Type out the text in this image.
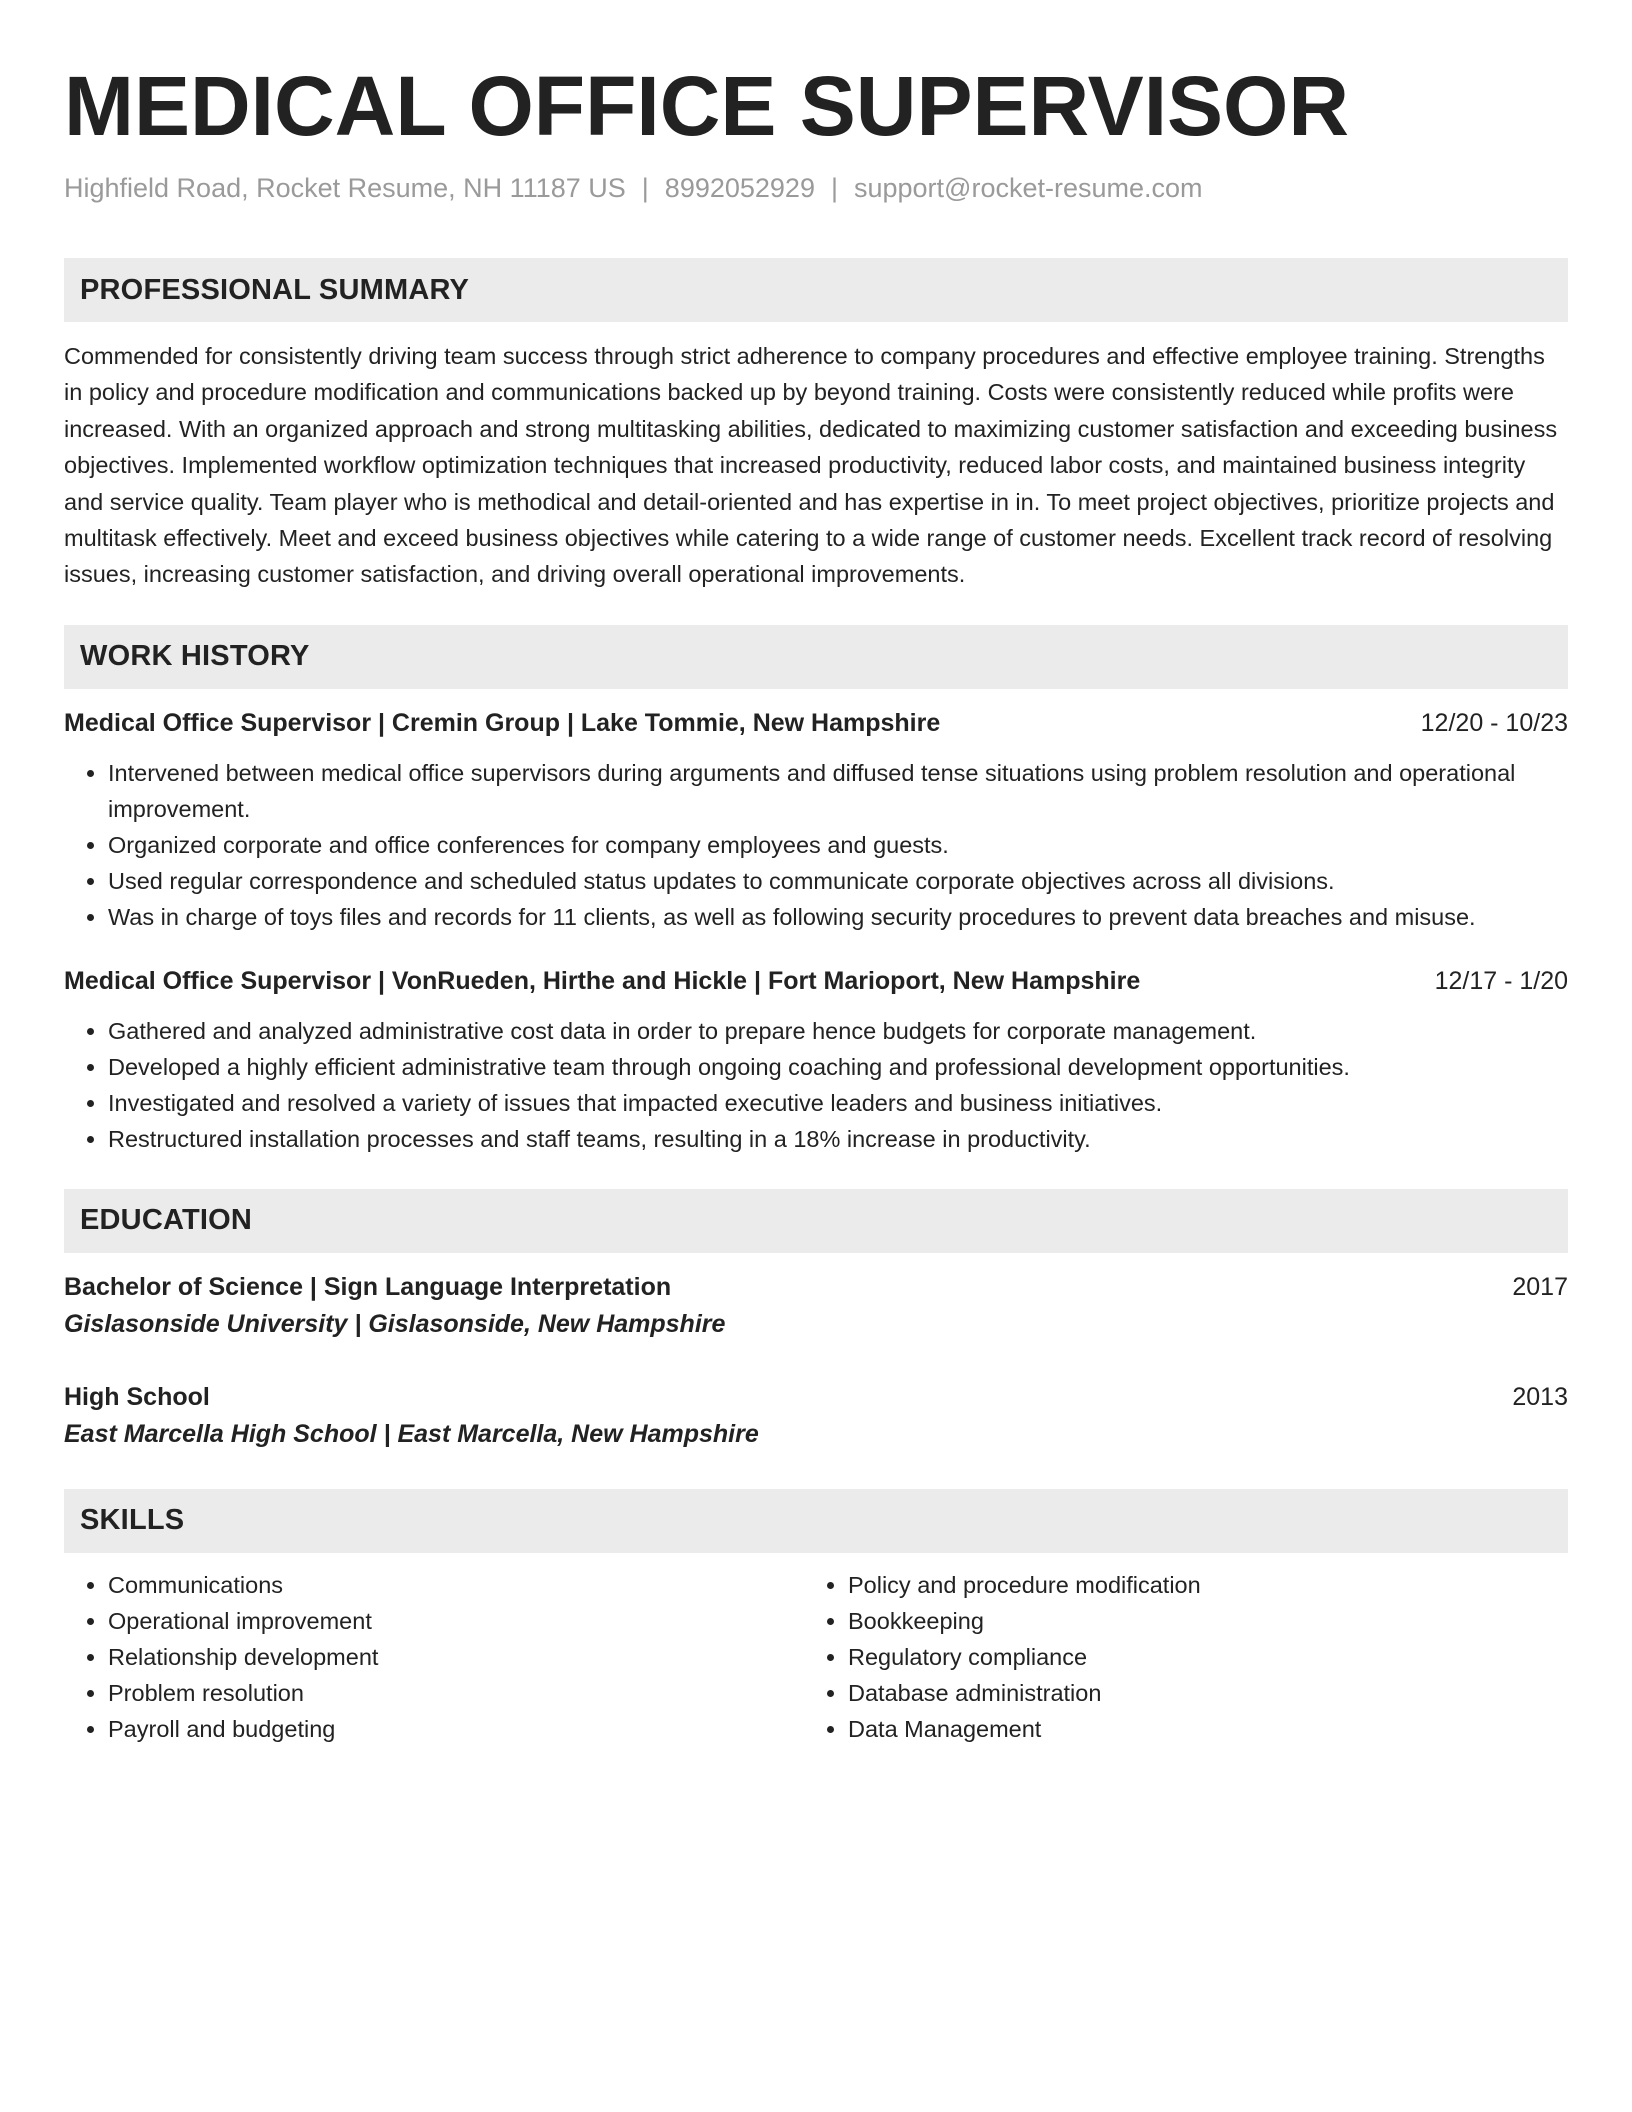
MEDICAL OFFICE SUPERVISOR
Highfield Road, Rocket Resume, NH 11187 US | 8992052929 | support@rocket-resume.com
PROFESSIONAL SUMMARY
Commended for consistently driving team success through strict adherence to company procedures and effective employee training. Strengths in policy and procedure modification and communications backed up by beyond training. Costs were consistently reduced while profits were increased. With an organized approach and strong multitasking abilities, dedicated to maximizing customer satisfaction and exceeding business objectives. Implemented workflow optimization techniques that increased productivity, reduced labor costs, and maintained business integrity and service quality. Team player who is methodical and detail-oriented and has expertise in in. To meet project objectives, prioritize projects and multitask effectively. Meet and exceed business objectives while catering to a wide range of customer needs. Excellent track record of resolving issues, increasing customer satisfaction, and driving overall operational improvements.
WORK HISTORY
Medical Office Supervisor | Cremin Group | Lake Tommie, New Hampshire	12/20 - 10/23
• Intervened between medical office supervisors during arguments and diffused tense situations using problem resolution and operational improvement.
• Organized corporate and office conferences for company employees and guests.
• Used regular correspondence and scheduled status updates to communicate corporate objectives across all divisions.
• Was in charge of toys files and records for 11 clients, as well as following security procedures to prevent data breaches and misuse.
Medical Office Supervisor | VonRueden, Hirthe and Hickle | Fort Marioport, New Hampshire	12/17 - 1/20
• Gathered and analyzed administrative cost data in order to prepare hence budgets for corporate management.
• Developed a highly efficient administrative team through ongoing coaching and professional development opportunities.
• Investigated and resolved a variety of issues that impacted executive leaders and business initiatives.
• Restructured installation processes and staff teams, resulting in a 18% increase in productivity.
EDUCATION
Bachelor of Science | Sign Language Interpretation	2017
Gislasonside University | Gislasonside, New Hampshire
High School	2013
East Marcella High School | East Marcella, New Hampshire
SKILLS
• Communications
• Operational improvement
• Relationship development
• Problem resolution
• Payroll and budgeting
• Policy and procedure modification
• Bookkeeping
• Regulatory compliance
• Database administration
• Data Management
